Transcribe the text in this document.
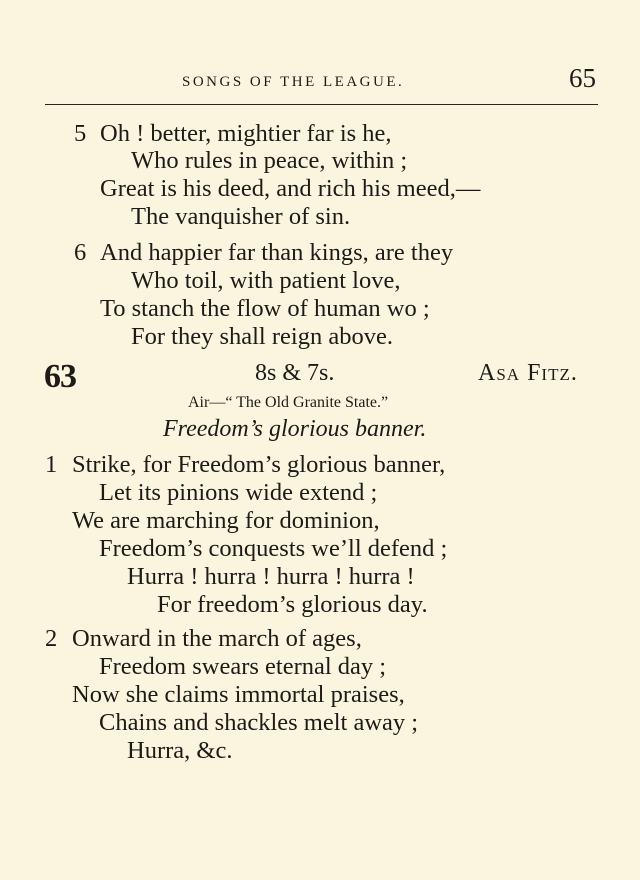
SONGS OF THE LEAGUE.	65
5 Oh ! better, mightier far is he,
Who rules in peace, within ;
Great is his deed, and rich his meed,—
The vanquisher of sin.
6 And happier far than kings, are they
Who toil, with patient love,
To stanch the flow of human wo ;
For they shall reign above.
63	8s & 7s.	Asa Fitz.
Air—“ The Old Granite State.”
Freedom’s glorious banner.
1 Strike, for Freedom’s glorious banner,
Let its pinions wide extend ;
We are marching for dominion,
Freedom’s conquests we’ll defend ;
Hurra ! hurra ! hurra ! hurra !
For freedom’s glorious day.
2 Onward in the march of ages,
Freedom swears eternal day ;
Now she claims immortal praises,
Chains and shackles melt away ;
Hurra, &c.
